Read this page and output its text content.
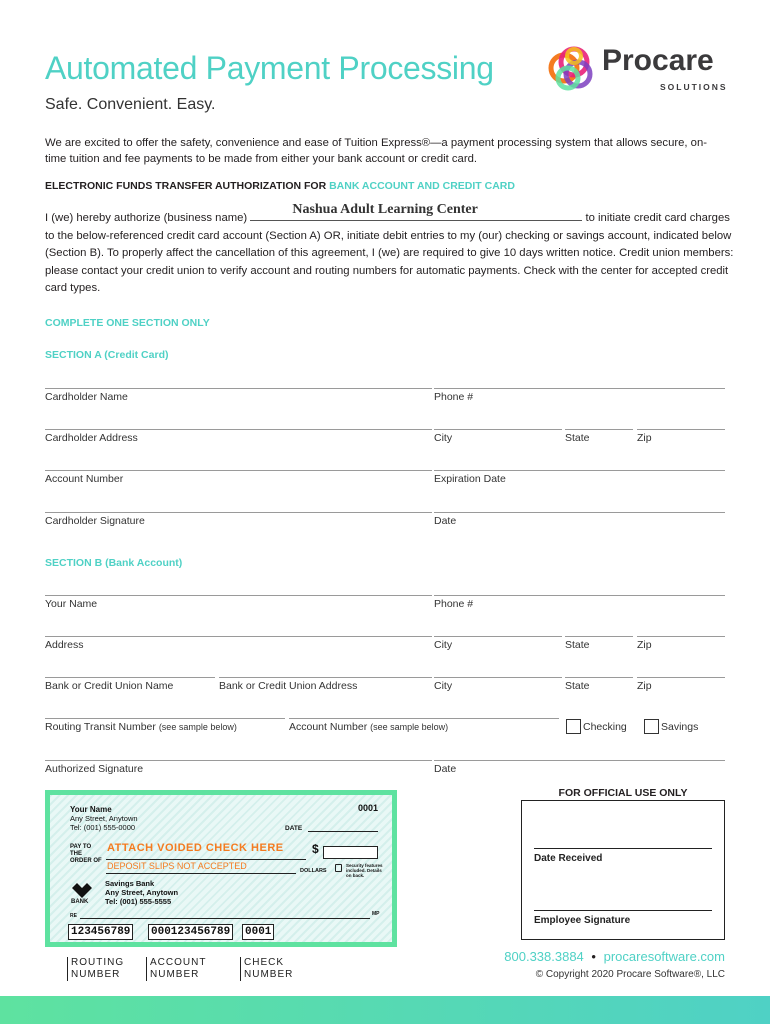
Automated Payment Processing
Safe. Convenient. Easy.
Procare
SOLUTIONS

We are excited to offer the safety, convenience and ease of Tuition Express®—a payment processing system that allows secure, on-time tuition and fee payments to be made from either your bank account or credit card.

ELECTRONIC FUNDS TRANSFER AUTHORIZATION FOR BANK ACCOUNT AND CREDIT CARD
I (we) hereby authorize (business name)
Nashua Adult Learning Center
to initiate credit card charges to the below-referenced credit card account (Section A) OR, initiate debit entries to my (our) checking or savings account, indicated below (Section B). To properly affect the cancellation of this agreement, I (we) are required to give 10 days written notice. Credit union members: please contact your credit union to verify account and routing numbers for automatic payments. Check with the center for accepted credit card types.
COMPLETE ONE SECTION ONLY
SECTION A (Credit Card)
Cardholder Name	Phone #
Cardholder Address	City	State	Zip
Account Number	Expiration Date
Cardholder Signature	Date
SECTION B (Bank Account)
Your Name	Phone #
Address	City	State	Zip
Bank or Credit Union Name	Bank or Credit Union Address	City	State	Zip
Routing Transit Number (see sample below)	Account Number (see sample below)	Checking	Savings
Authorized Signature	Date
Your Name
Any Street, Anytown
Tel: (001) 555-0000
0001
DATE
PAY TO THE ORDER OF
$
ATTACH VOIDED CHECK HERE
DEPOSIT SLIPS NOT ACCEPTED	DOLLARS
Security features included. Details on back.
BANK
Savings Bank
Any Street, Anytown
Tel: (001) 555-5555
RE	MP
123456789 000123456789 0001
ROUTING NUMBER
ACCOUNT NUMBER
CHECK NUMBER
FOR OFFICIAL USE ONLY
Date Received
Employee Signature
800.338.3884 • procaresoftware.com
© Copyright 2020 Procare Software®, LLC
